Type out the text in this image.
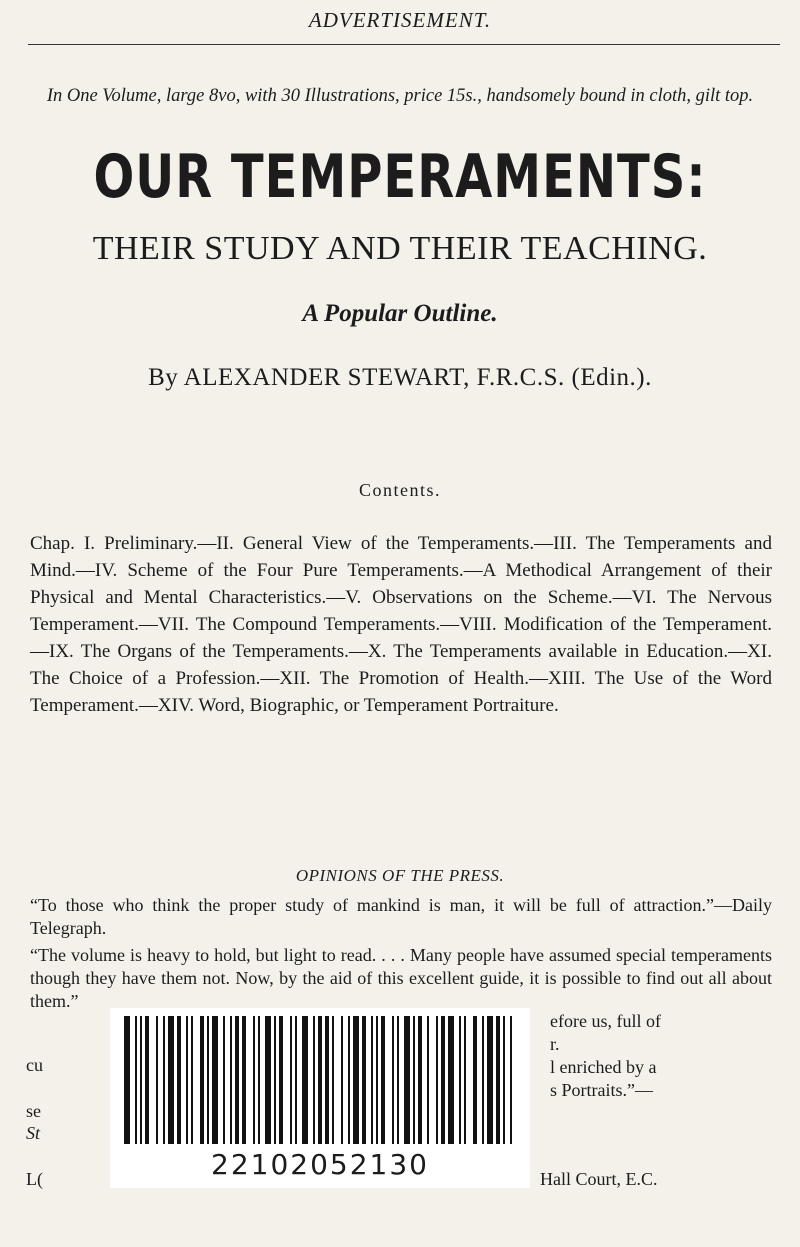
ADVERTISEMENT.
In One Volume, large 8vo, with 30 Illustrations, price 15s., handsomely bound in cloth, gilt top.
OUR TEMPERAMENTS:
THEIR STUDY AND THEIR TEACHING.
A Popular Outline.
By ALEXANDER STEWART, F.R.C.S. (Edin.).
Contents.
Chap. I. Preliminary.—II. General View of the Temperaments.—III. The Temperaments and Mind.—IV. Scheme of the Four Pure Temperaments.—A Methodical Arrangement of their Physical and Mental Characteristics.—V. Observations on the Scheme.—VI. The Nervous Temperament.—VII. The Compound Temperaments.—VIII. Modification of the Temperament.—IX. The Organs of the Temperaments.—X. The Temperaments available in Education.—XI. The Choice of a Profession.—XII. The Promotion of Health.—XIII. The Use of the Word Temperament.—XIV. Word, Biographic, or Temperament Portraiture.
OPINIONS OF THE PRESS.
“To those who think the proper study of mankind is man, it will be full of attraction.”—Daily Telegraph.
“The volume is heavy to hold, but light to read. . . . Many people have assumed special temperaments though they have them not. Now, by the aid of this excellent guide, it is possible to find out all about them.”
cu
se
St
L(
efore us, full of
r.
l enriched by a
s Portraits.”—
Hall Court, E.C.
22102052130
